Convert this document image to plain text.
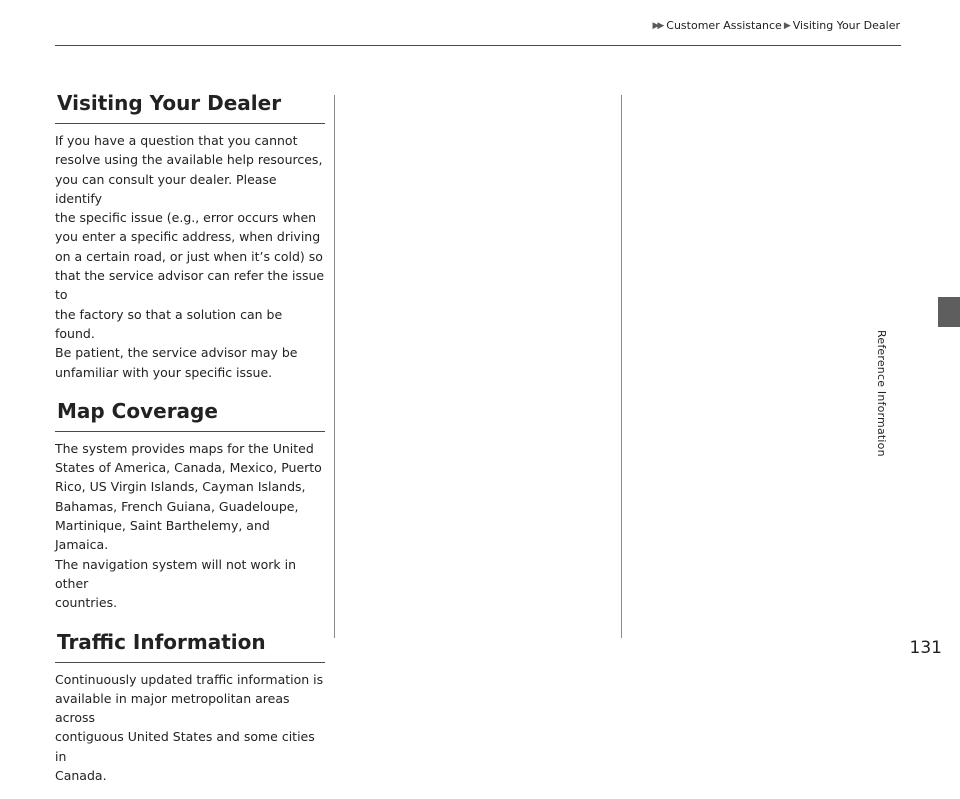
▶▶ Customer Assistance ▶ Visiting Your Dealer
Visiting Your Dealer

If you have a question that you cannot
resolve using the available help resources,
you can consult your dealer. Please identify
the specific issue (e.g., error occurs when
you enter a specific address, when driving
on a certain road, or just when it’s cold) so
that the service advisor can refer the issue to
the factory so that a solution can be found.
Be patient, the service advisor may be
unfamiliar with your specific issue.

Map Coverage

The system provides maps for the United
States of America, Canada, Mexico, Puerto
Rico, US Virgin Islands, Cayman Islands,
Bahamas, French Guiana, Guadeloupe,
Martinique, Saint Barthelemy, and Jamaica.
The navigation system will not work in other
countries.

Traffic Information

Continuously updated traffic information is
available in major metropolitan areas across
contiguous United States and some cities in
Canada.

Reference Information
131
